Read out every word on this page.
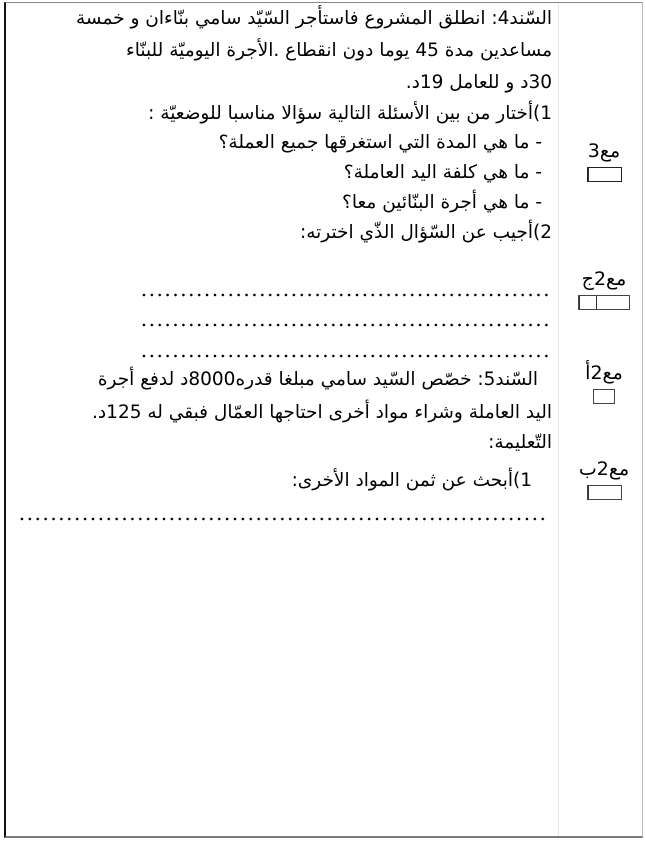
السّند4: انطلق المشروع فاستأجر السّيّد سامي بنّاءان و خمسة
مساعدين مدة 45 يوما دون انقطاع .الأجرة اليوميّة للبنّاء
30د و للعامل 19د.
1)أختار من بين الأسئلة التالية سؤالا مناسبا للوضعيّة :
- ما هي المدة التي استغرقها جميع العملة؟
- ما هي كلفة اليد العاملة؟
- ما هي أجرة البنّائين معا؟
2)أجيب عن السّؤال الذّي اخترته:
السّند5: خصّص السّيد سامي مبلغا قدره8000د لدفع أجرة
اليد العاملة وشراء مواد أخرى احتاجها العمّال فبقي له 125د.
التّعليمة:
1)أبحث عن ثمن المواد الأخرى:
مع3
مع2ج
مع2أ
مع2ب
